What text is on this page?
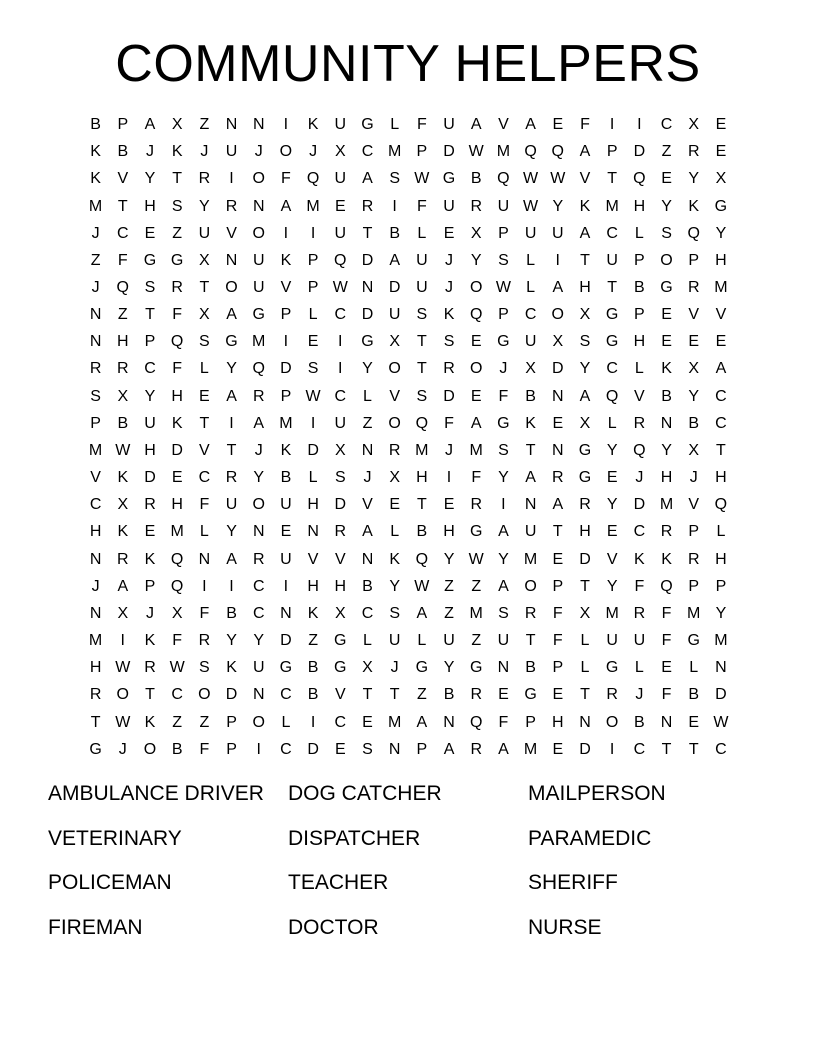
COMMUNITY HELPERS
B	P	A	X	Z	N N	I	K	U G	L	F	U	A	V	A	E	F	I	I	C	X	E
K	B	J	K	J	U	J	O	J	X	C M P	D W M Q Q A	P	D	Z	R	E
K	V	Y	T	R	I	O	F	Q U	A	S W G B Q W W V	T	Q E	Y	X
M T	H	S	Y	R N	A M E	R	I	F	U R U W Y	K M H	Y	K G
J	C	E	Z	U	V O	I	I	U	T	B	L	E	X	P	U U	A	C	L	S Q Y
Z	F	G G X	N U	K	P Q D	A	U	J	Y	S	L	I	T	U	P O P	H
J	Q S	R	T	O U	V	P W N D U	J	O W L	A	H	T	B G R M
N	Z	T	F	X	A G P	L	C D U	S	K Q P	C O X G P	E	V	V
N H	P Q S G M	I	E	I	G X	T	S	E G U	X	S G H	E	E	E
R R C	F	L	Y Q D	S	I	Y O	T	R O	J	X	D	Y	C	L	K	X	A
S	X	Y	H	E	A	R	P W C	L	V	S	D	E	F	B	N	A Q V	B	Y	C
P	B	U	K	T	I	A M	I	U	Z	O Q	F	A G K	E	X	L	R N	B	C
M W H D	V	T	J	K	D	X	N R M	J	M S	T	N G Y Q Y	X	T
V	K	D	E	C R	Y	B	L	S	J	X	H	I	F	Y	A	R G E	J	H	J	H
C	X	R H	F	U O U H D	V	E	T	E	R	I	N	A	R	Y	D M V Q
H	K	E M	L	Y	N	E	N R	A	L	B	H G A	U	T	H	E	C R	P	L
N R	K Q N	A	R U	V	V	N	K Q Y W Y M E	D	V	K	K	R H
J	A	P Q	I	I	C	I	H H	B	Y W Z	Z	A O P	T	Y	F	Q P	P
N	X	J	X	F	B	C N	K	X	C	S	A	Z M S	R	F	X M R	F M Y
M	I	K	F	R	Y	Y	D	Z	G	L	U	L	U	Z	U	T	F	L	U U	F	G M
H W R W S	K	U G B G X	J	G Y G N	B	P	L	G	L	E	L	N
R O	T	C O D N C	B	V	T	T	Z	B	R	E G E	T	R	J	F	B	D
T W K	Z	Z	P O	L	I	C	E M A	N Q	F	P	H N O B	N	E W
G	J	O B	F	P	I	C D	E	S	N	P	A	R	A M E	D	I	C	T	T	C
AMBULANCE DRIVER	DOG CATCHER	MAILPERSON
VETERINARY	DISPATCHER	PARAMEDIC
POLICEMAN	TEACHER	SHERIFF
FIREMAN	DOCTOR	NURSE
